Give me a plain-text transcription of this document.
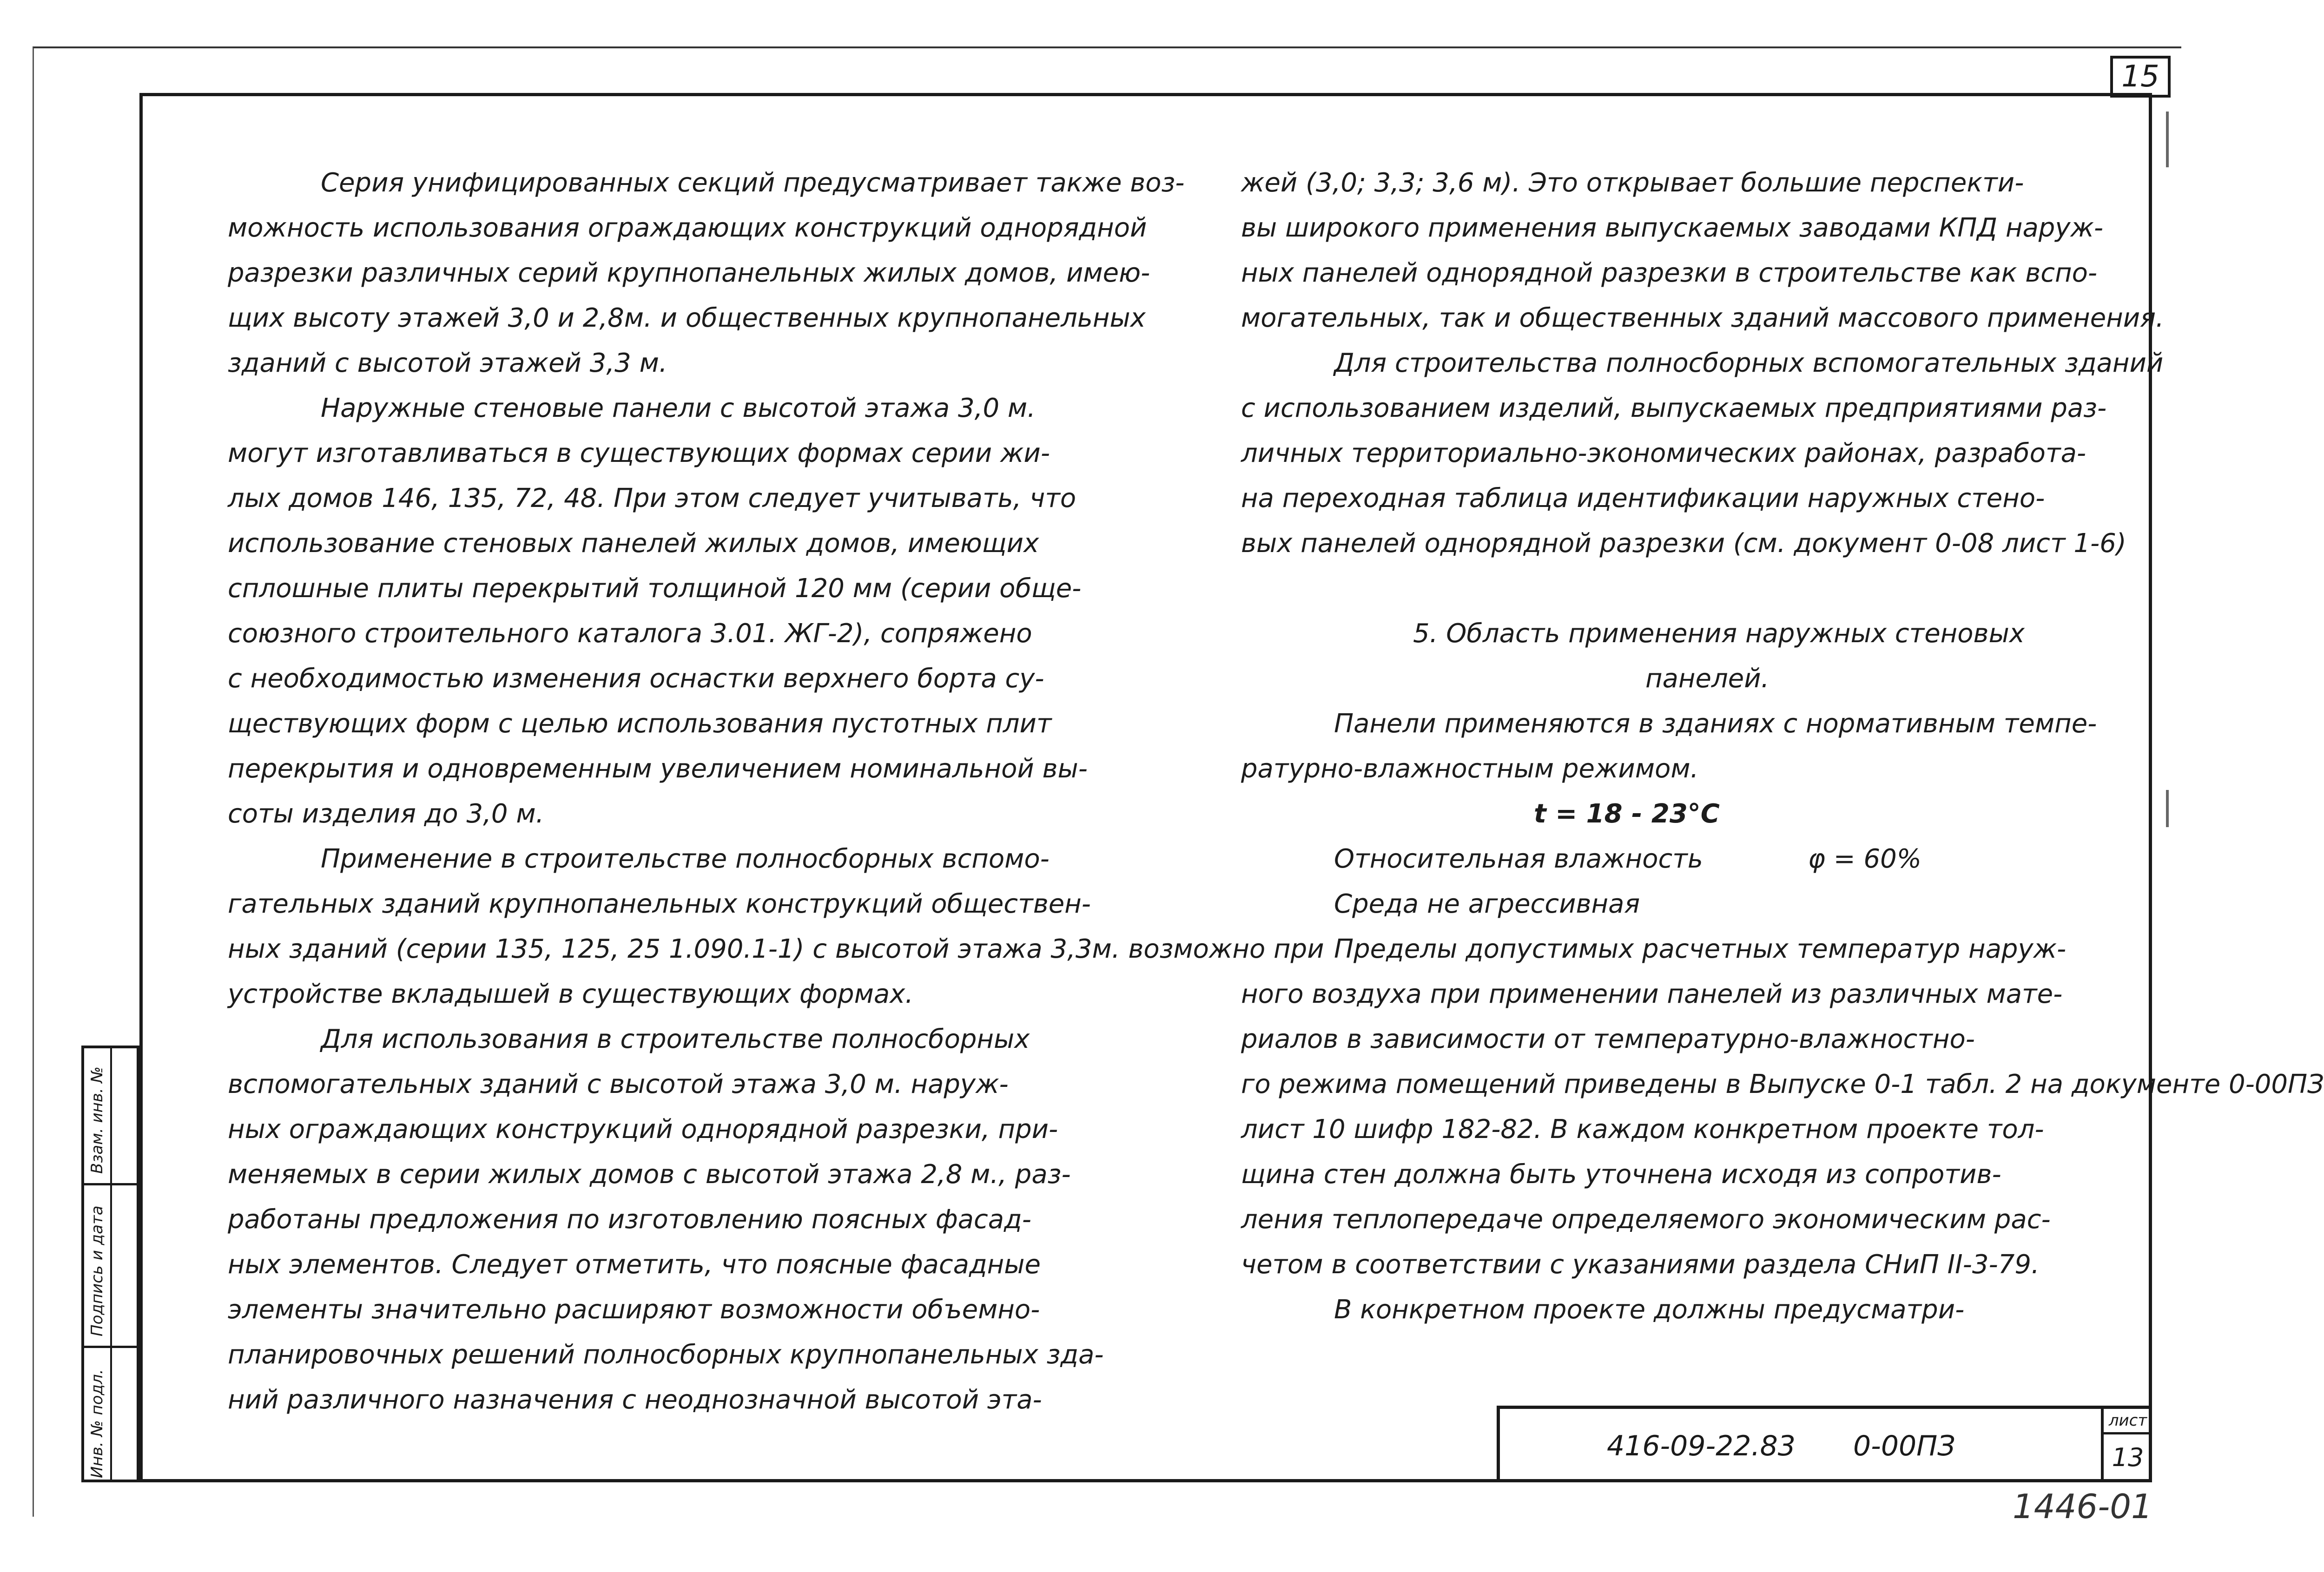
15
Серия унифицированных секций предусматривает также воз-
можность использования ограждающих конструкций однорядной
разрезки различных серий крупнопанельных жилых домов, имею-
щих высоту этажей 3,0 и 2,8м. и общественных крупнопанельных
зданий с высотой этажей 3,3 м.
Наружные стеновые панели с высотой этажа 3,0 м.
могут изготавливаться в существующих формах серии жи-
лых домов 146, 135, 72, 48. При этом следует учитывать, что
использование стеновых панелей жилых домов, имеющих
сплошные плиты перекрытий толщиной 120 мм (серии обще-
союзного строительного каталога 3.01. ЖГ-2), сопряжено
с необходимостью изменения оснастки верхнего борта су-
ществующих форм с целью использования пустотных плит
перекрытия и одновременным увеличением номинальной вы-
соты изделия до 3,0 м.
Применение в строительстве полносборных вспомо-
гательных зданий крупнопанельных конструкций обществен-
ных зданий (серии 135, 125, 25 1.090.1-1) с высотой этажа 3,3м. возможно при
устройстве вкладышей в существующих формах.
Для использования в строительстве полносборных
вспомогательных зданий с высотой этажа 3,0 м. наруж-
ных ограждающих конструкций однорядной разрезки, при-
меняемых в серии жилых домов с высотой этажа 2,8 м., раз-
работаны предложения по изготовлению поясных фасад-
ных элементов. Следует отметить, что поясные фасадные
элементы значительно расширяют возможности объемно-
планировочных решений полносборных крупнопанельных зда-
ний различного назначения с неоднозначной высотой эта-
жей (3,0; 3,3; 3,6 м). Это открывает большие перспекти-
вы широкого применения выпускаемых заводами КПД наруж-
ных панелей однорядной разрезки в строительстве как вспо-
могательных, так и общественных зданий массового применения.
Для строительства полносборных вспомогательных зданий
с использованием изделий, выпускаемых предприятиями раз-
личных территориально-экономических районах, разработа-
на переходная таблица идентификации наружных стено-
вых панелей однорядной разрезки (см. документ 0-08 лист 1-6)
5. Область применения наружных стеновых
панелей.
Панели применяются в зданиях с нормативным темпе-
ратурно-влажностным режимом.
t = 18 - 23°C
Относительная влажность	φ = 60%
Среда не агрессивная
Пределы допустимых расчетных температур наруж-
ного воздуха при применении панелей из различных мате-
риалов в зависимости от температурно-влажностно-
го режима помещений приведены в Выпуске 0-1 табл. 2 на документе 0-00ПЗ
лист 10 шифр 182-82. В каждом конкретном проекте тол-
щина стен должна быть уточнена исходя из сопротив-
ления теплопередаче определяемого экономическим рас-
четом в соответствии с указаниями раздела СНиП II-3-79.
В конкретном проекте должны предусматри-
416-09-22.83 0-00ПЗ
лист
13
1446-01
Взам. инв. №
Подпись и дата
Инв. № подл.
